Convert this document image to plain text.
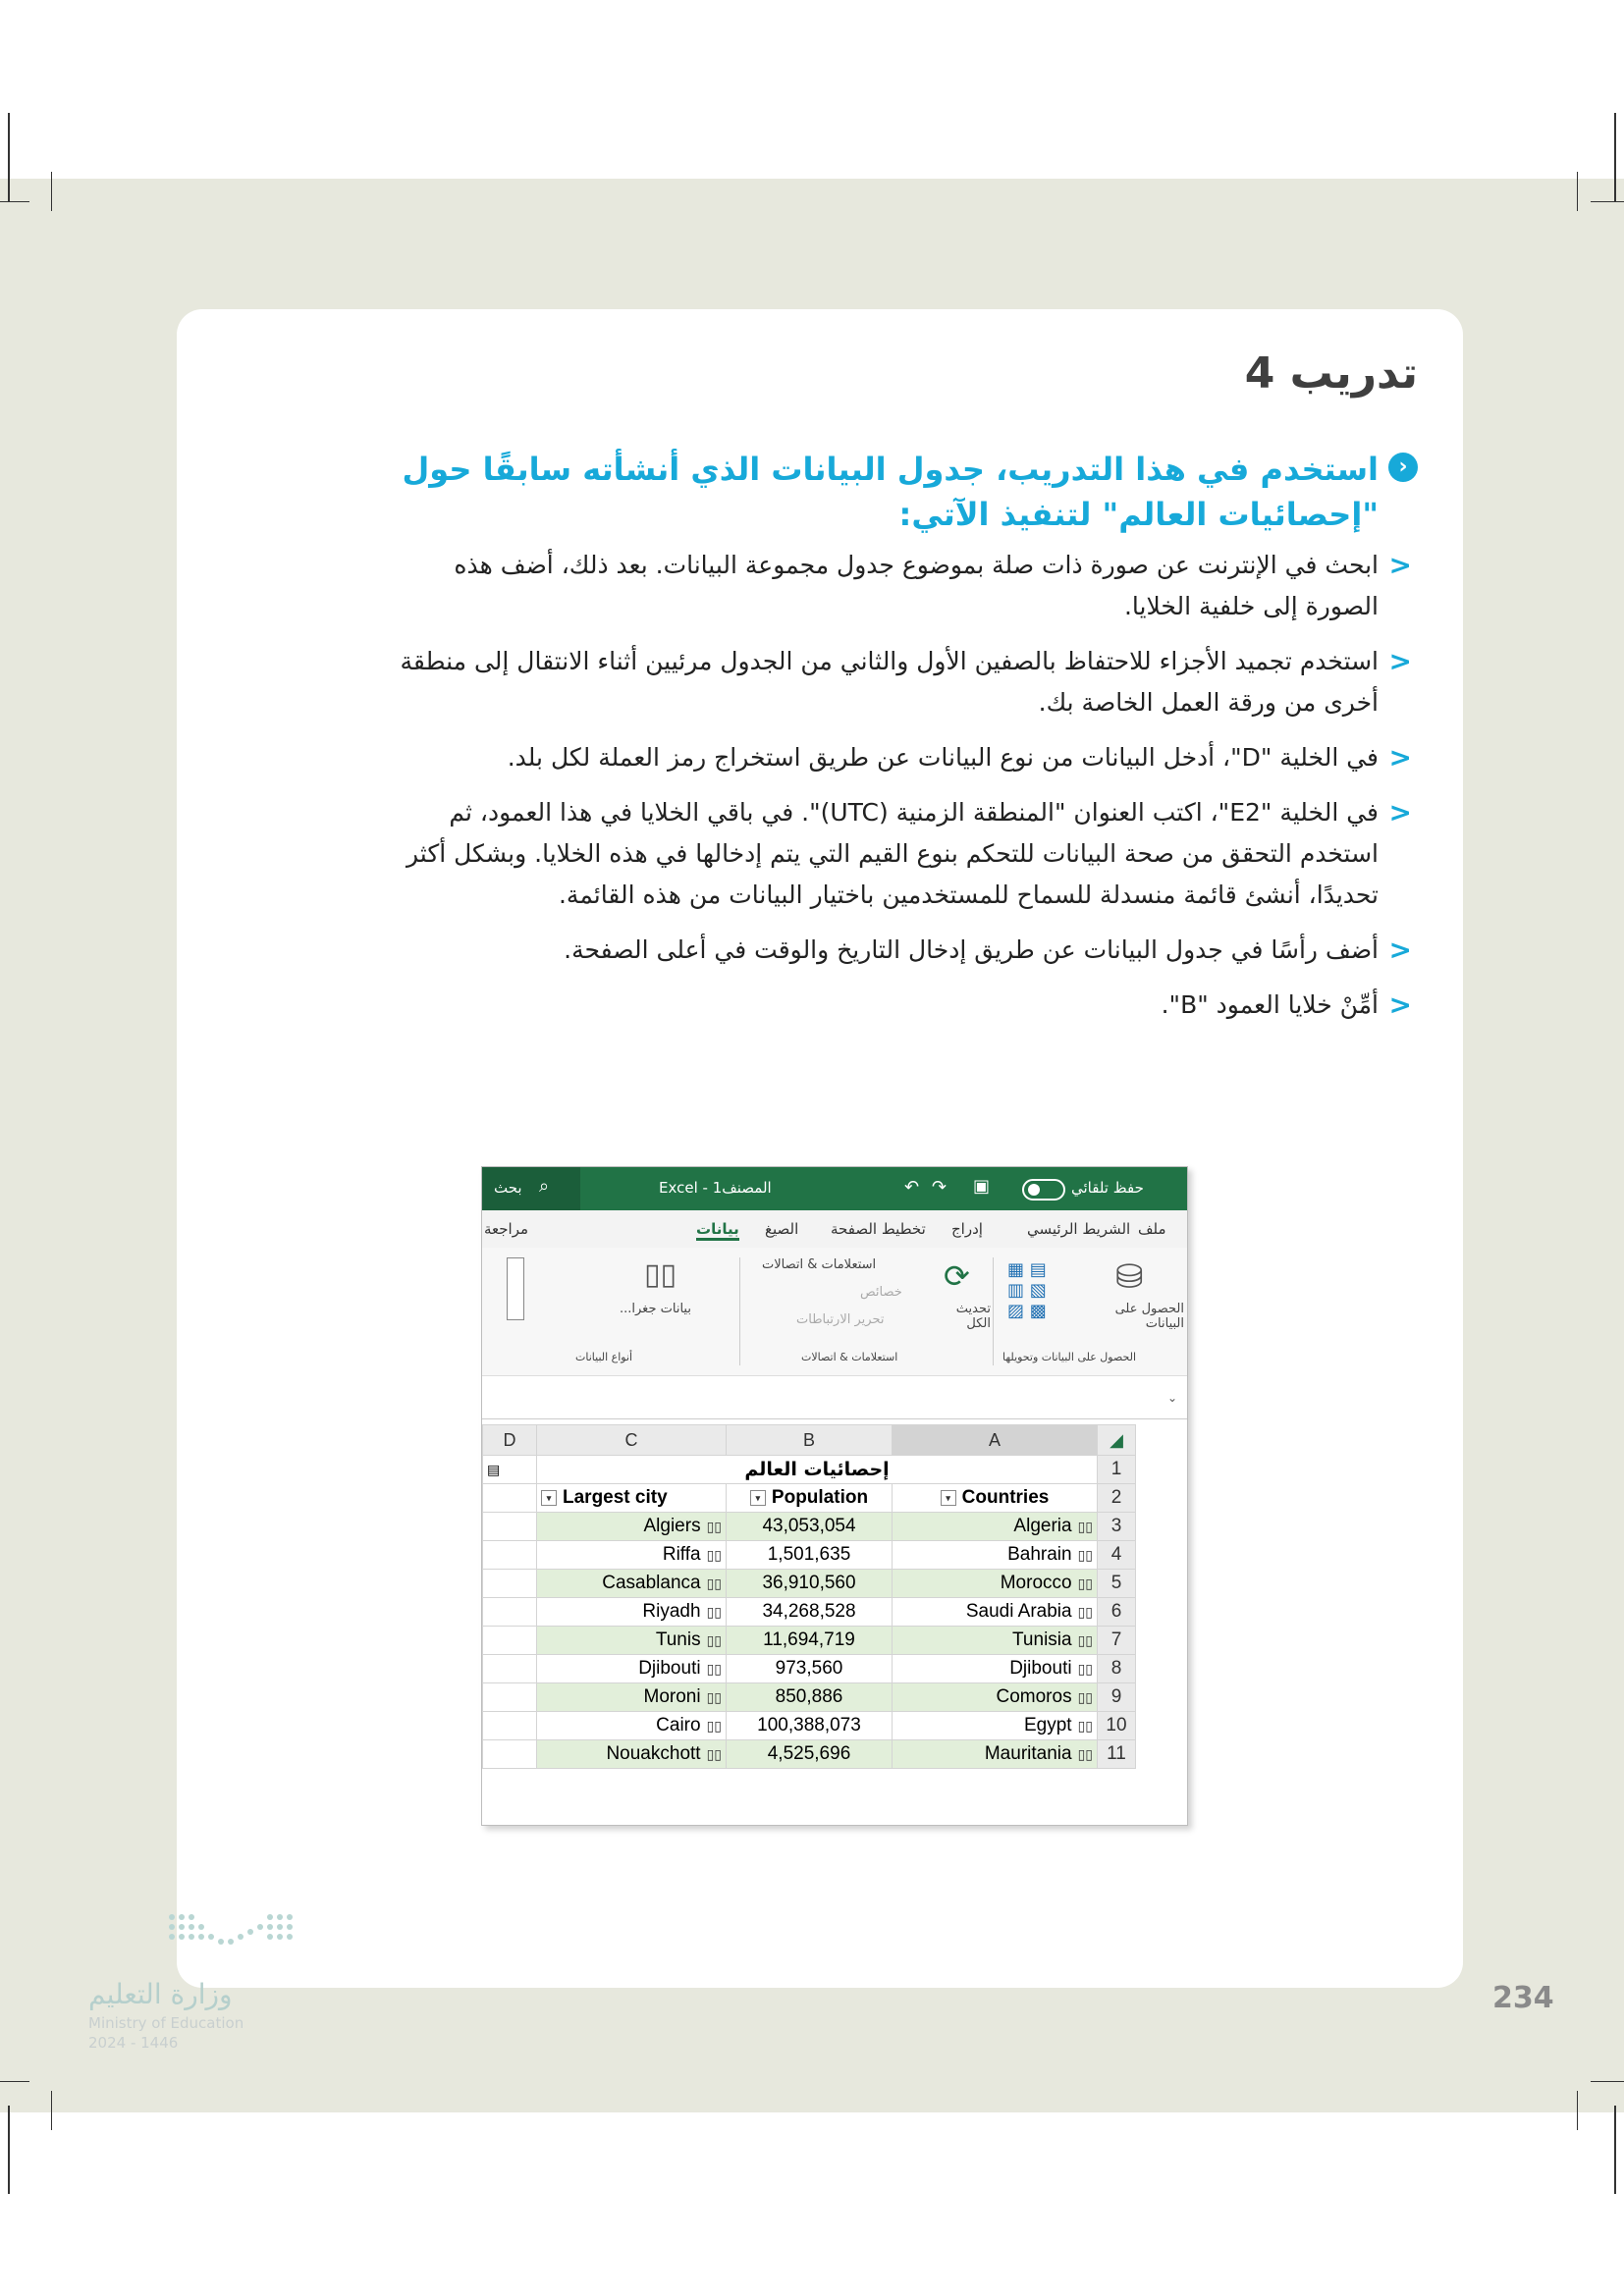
تدريب 4
‹
استخدم في هذا التدريب، جدول البيانات الذي أنشأته سابقًا حول "إحصائيات العالم" لتنفيذ الآتي:
<
ابحث في الإنترنت عن صورة ذات صلة بموضوع جدول مجموعة البيانات. بعد ذلك، أضف هذه الصورة إلى خلفية الخلايا.
<
استخدم تجميد الأجزاء للاحتفاظ بالصفين الأول والثاني من الجدول مرئيين أثناء الانتقال إلى منطقة أخرى من ورقة العمل الخاصة بك.
<
في الخلية "D"، أدخل البيانات من نوع البيانات عن طريق استخراج رمز العملة لكل بلد.
<
في الخلية "E2"، اكتب العنوان "المنطقة الزمنية (UTC)". في باقي الخلايا في هذا العمود، ثم استخدم التحقق من صحة البيانات للتحكم بنوع القيم التي يتم إدخالها في هذه الخلايا. وبشكل أكثر تحديدًا، أنشئ قائمة منسدلة للسماح للمستخدمين باختيار البيانات من هذه القائمة.
<
أضف رأسًا في جدول البيانات عن طريق إدخال التاريخ والوقت في أعلى الصفحة.
<
أمِّنْ خلايا العمود "B".
⌕
بحث	المصنف1 - Excel	↶ ↷ ▣	حفظ تلقائي
ملف
الشريط الرئيسي
إدراج
تخطيط الصفحة
الصيغ
بيانات
مراجعة
⛁
الحصول على البيانات
▦ ▤
▥ ▧
▨ ▩
⟳
تحديث الكل
استعلامات & اتصالات
خصائص
تحرير الارتباطات
▯▯
بيانات جغرا...
الحصول على البيانات وتحويلها
استعلامات & اتصالات
أنواع البيانات
⌄
D	C	B	A	◢
▤	إحصائيات العالم			1
	▾ Largest city	▾ Population	▾ Countries	2
	Algiers ▯▯	43,053,054	Algeria ▯▯	3
	Riffa ▯▯	1,501,635	Bahrain ▯▯	4
	Casablanca ▯▯	36,910,560	Morocco ▯▯	5
	Riyadh ▯▯	34,268,528	Saudi Arabia ▯▯	6
	Tunis ▯▯	11,694,719	Tunisia ▯▯	7
	Djibouti ▯▯	973,560	Djibouti ▯▯	8
	Moroni ▯▯	850,886	Comoros ▯▯	9
	Cairo ▯▯	100,388,073	Egypt ▯▯	10
	Nouakchott ▯▯	4,525,696	Mauritania ▯▯	11
وزارة التعليم
Ministry of Education
2024 - 1446
234
